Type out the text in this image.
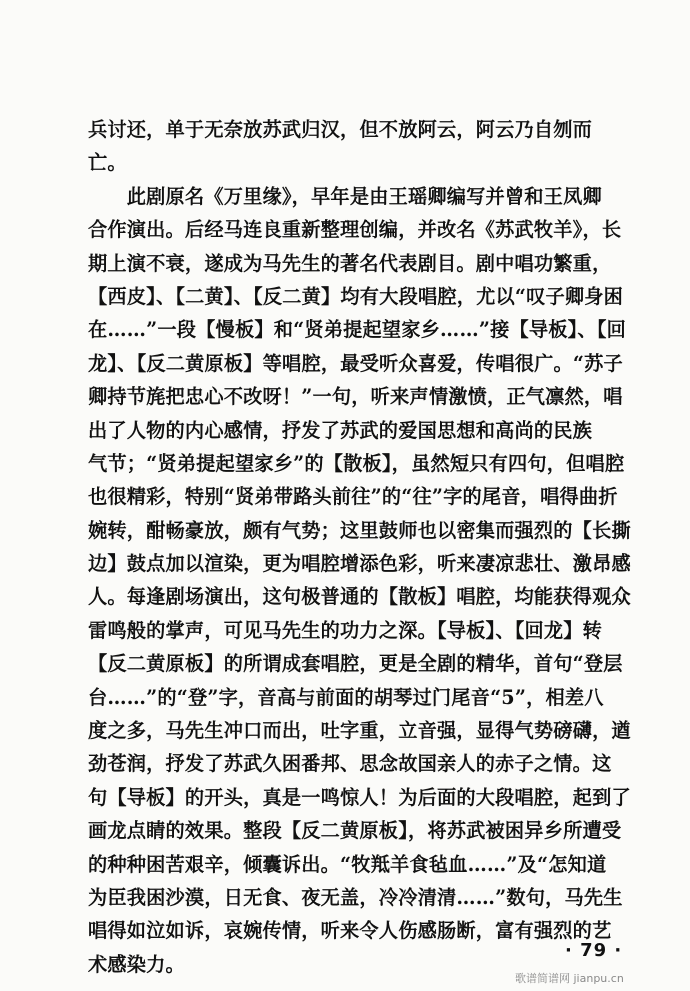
兵讨还，单于无奈放苏武归汉，但不放阿云，阿云乃自刎而
亡。
　　此剧原名《万里缘》，早年是由王瑶卿编写并曾和王凤卿
合作演出。后经马连良重新整理创编，并改名《苏武牧羊》，长
期上演不衰，遂成为马先生的著名代表剧目。剧中唱功繁重，
【西皮】、【二黄】、【反二黄】均有大段唱腔，尤以“叹子卿身困
在……”一段【慢板】和“贤弟提起望家乡……”接【导板】、【回
龙】、【反二黄原板】等唱腔，最受听众喜爱，传唱很广。“苏子
卿持节旄把忠心不改呀！”一句，听来声情激愤，正气凛然，唱
出了人物的内心感情，抒发了苏武的爱国思想和高尚的民族
气节；“贤弟提起望家乡”的【散板】，虽然短只有四句，但唱腔
也很精彩，特别“贤弟带路头前往”的“往”字的尾音，唱得曲折
婉转，酣畅豪放，颇有气势；这里鼓师也以密集而强烈的【长撕
边】鼓点加以渲染，更为唱腔增添色彩，听来凄凉悲壮、激昂感
人。每逢剧场演出，这句极普通的【散板】唱腔，均能获得观众
雷鸣般的掌声，可见马先生的功力之深。【导板】、【回龙】转
【反二黄原板】的所谓成套唱腔，更是全剧的精华，首句“登层
台……”的“登”字，音高与前面的胡琴过门尾音“5”，相差八
度之多，马先生冲口而出，吐字重，立音强，显得气势磅礴，遒
劲苍润，抒发了苏武久困番邦、思念故国亲人的赤子之情。这
句【导板】的开头，真是一鸣惊人！为后面的大段唱腔，起到了
画龙点睛的效果。整段【反二黄原板】，将苏武被困异乡所遭受
的种种困苦艰辛，倾囊诉出。“牧羝羊食毡血……”及“怎知道
为臣我困沙漠，日无食、夜无盖，冷冷清清……”数句，马先生
唱得如泣如诉，哀婉传情，听来令人伤感肠断，富有强烈的艺
术感染力。
· 79 ·
歌谱简谱网 jianpu.cn
